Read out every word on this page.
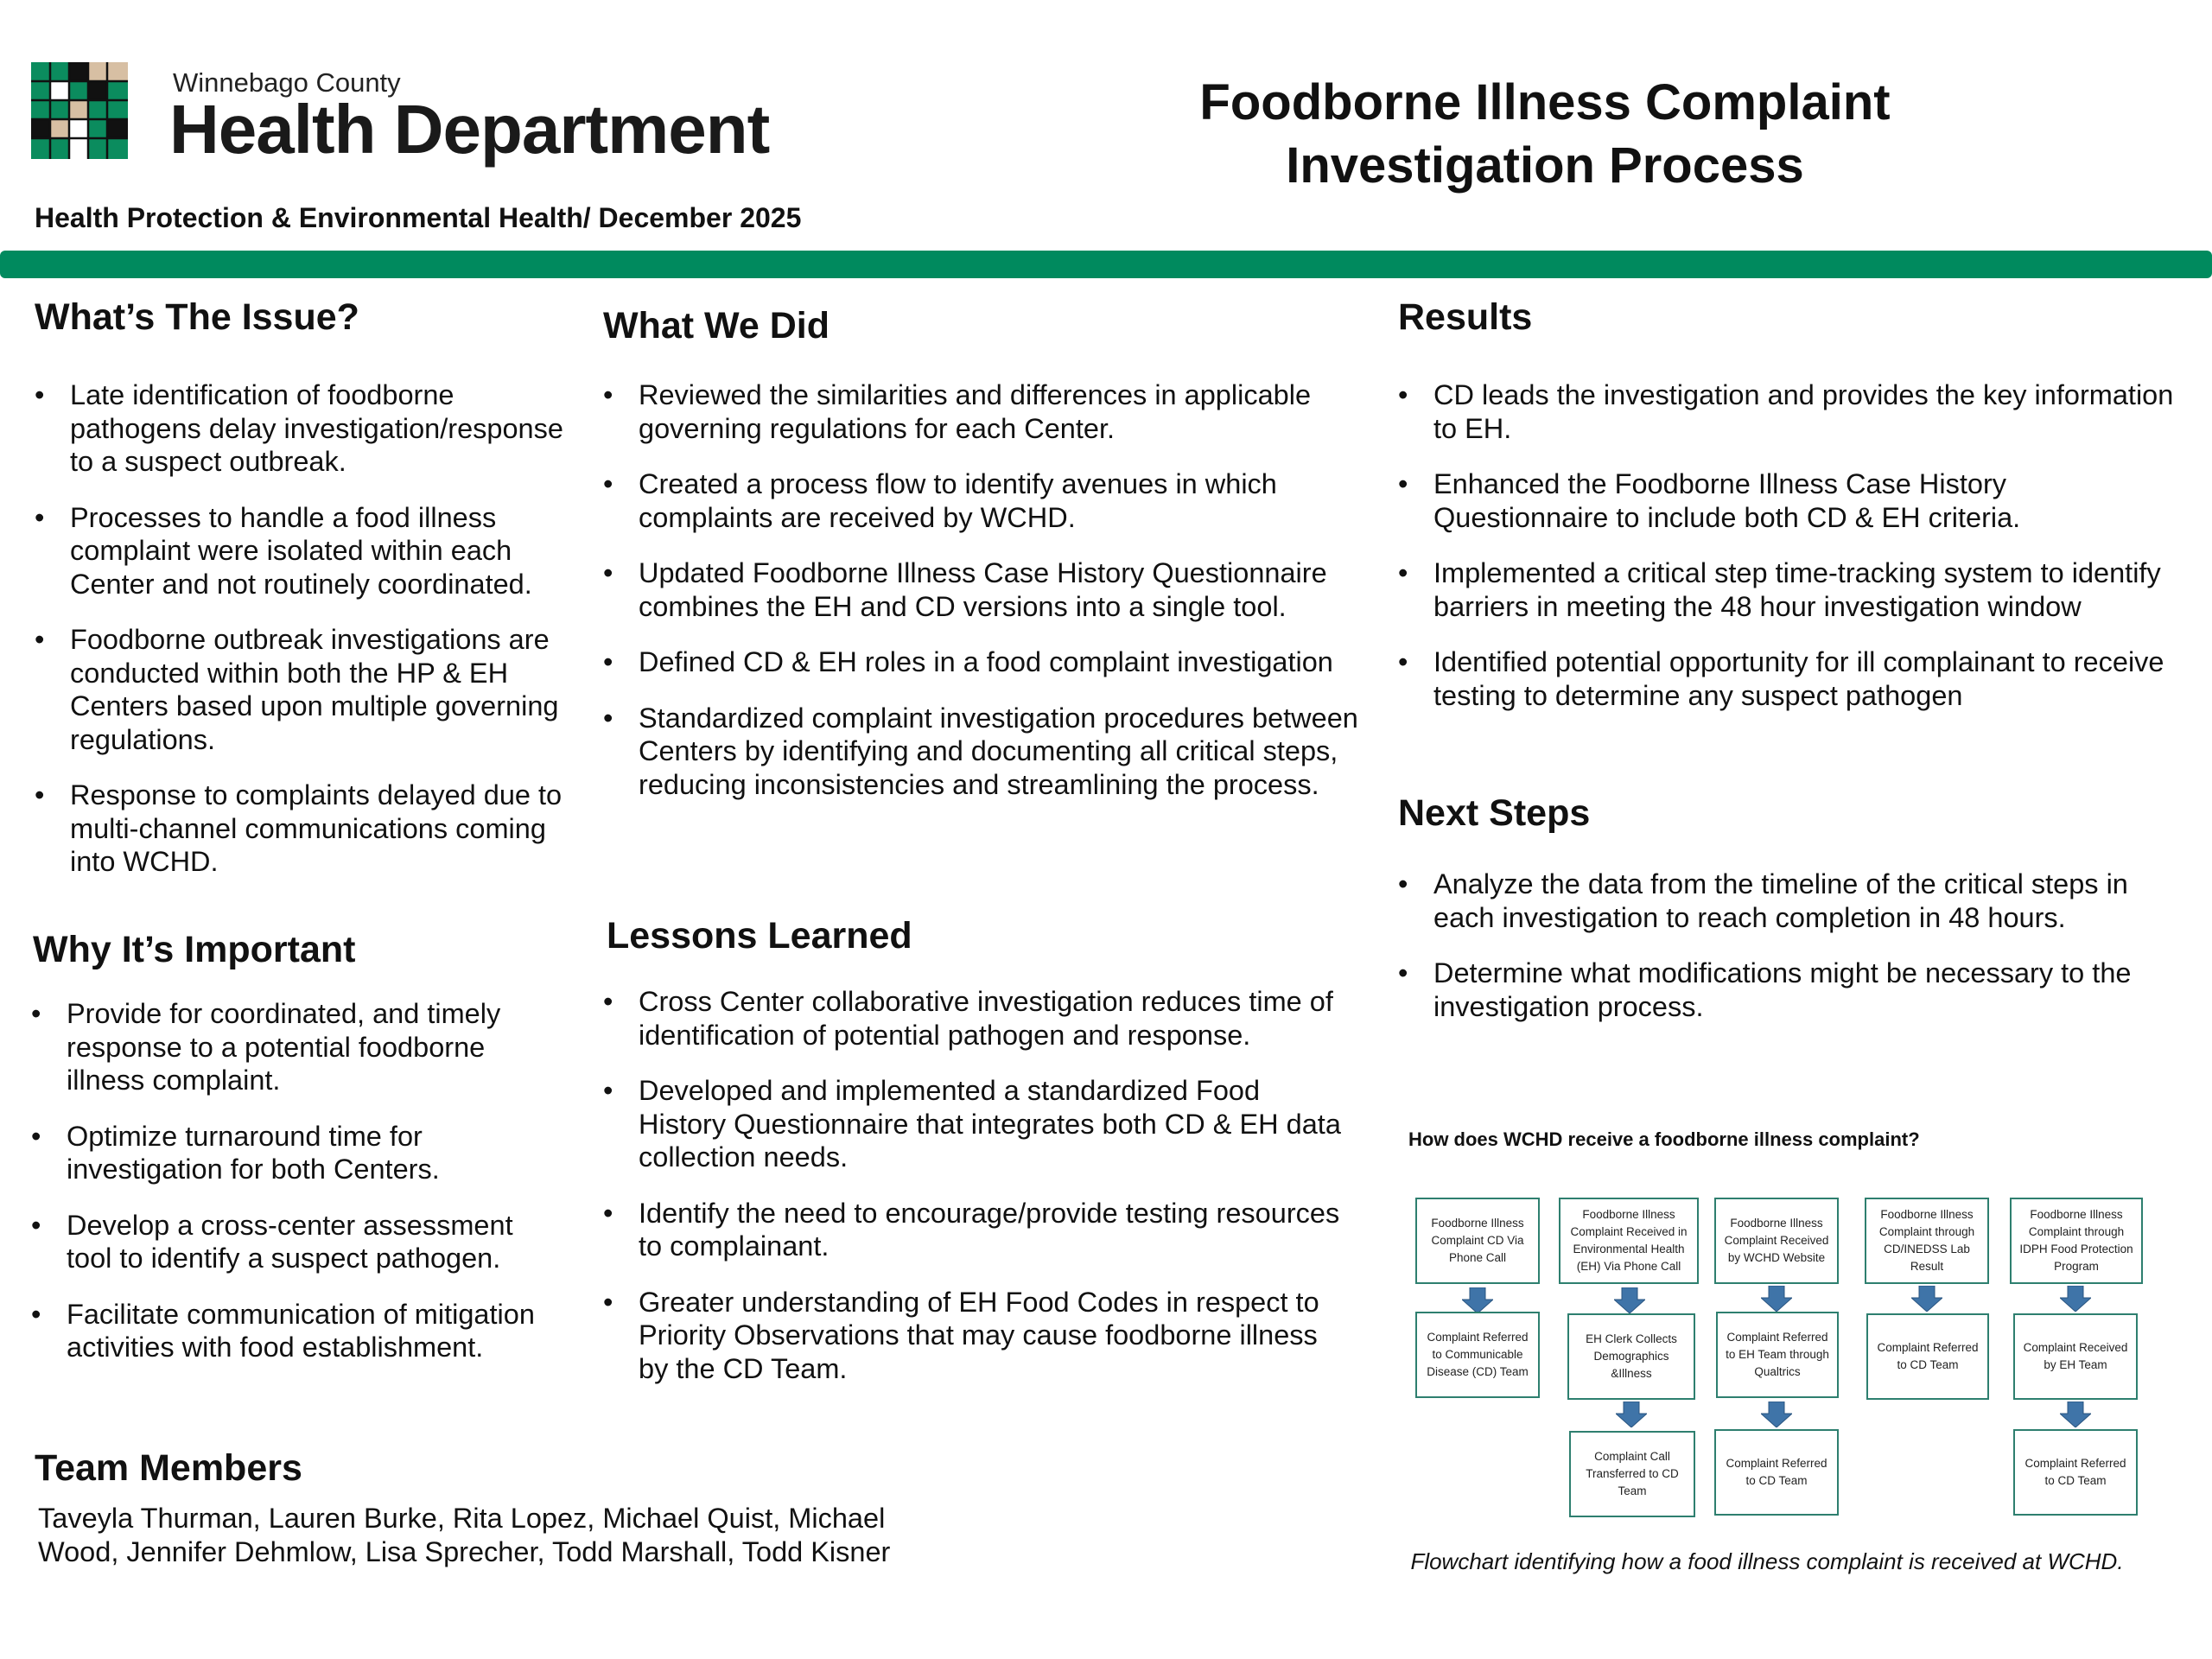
Winnebago County
Health Department
Health Protection & Environmental Health/ December 2025
Foodborne Illness Complaint
Investigation Process
What’s The Issue?
• Late identification of foodborne pathogens delay investigation/response to a suspect outbreak.
• Processes to handle a food illness complaint were isolated within each Center and not routinely coordinated.
• Foodborne outbreak investigations are conducted within both the HP & EH Centers based upon multiple governing regulations.
• Response to complaints delayed due to multi-channel communications coming into WCHD.
Why It’s Important
• Provide for coordinated, and timely response to a potential foodborne illness complaint.
• Optimize turnaround time for investigation for both Centers.
• Develop a cross-center assessment tool to identify a suspect pathogen.
• Facilitate communication of mitigation activities with food establishment.
Team Members
Taveyla Thurman, Lauren Burke, Rita Lopez, Michael Quist, Michael Wood, Jennifer Dehmlow, Lisa Sprecher, Todd Marshall, Todd Kisner
What We Did
• Reviewed the similarities and differences in applicable governing regulations for each Center.
• Created a process flow to identify avenues in which complaints are received by WCHD.
• Updated Foodborne Illness Case History Questionnaire combines the EH and CD versions into a single tool.
• Defined CD & EH roles in a food complaint investigation
• Standardized complaint investigation procedures between Centers by identifying and documenting all critical steps, reducing inconsistencies and streamlining the process.
Lessons Learned
• Cross Center collaborative investigation reduces time of identification of potential pathogen and response.
• Developed and implemented a standardized Food History Questionnaire that integrates both CD & EH data collection needs.
• Identify the need to encourage/provide testing resources to complainant.
• Greater understanding of EH Food Codes in respect to Priority Observations that may cause foodborne illness by the CD Team.
Results
• CD leads the investigation and provides the key information to EH.
• Enhanced the Foodborne Illness Case History Questionnaire to include both CD & EH criteria.
• Implemented a critical step time-tracking system to identify barriers in meeting the 48 hour investigation window
• Identified potential opportunity for ill complainant to receive testing to determine any suspect pathogen
Next Steps
• Analyze the data from the timeline of the critical steps in each investigation to reach completion in 48 hours.
• Determine what modifications might be necessary to the investigation process.
How does WCHD receive a foodborne illness complaint?
Foodborne Illness Complaint CD Via Phone Call
Complaint Referred to Communicable Disease (CD) Team
Foodborne Illness Complaint Received in Environmental Health (EH) Via Phone Call
EH Clerk Collects Demographics &Illness
Complaint Call Transferred to CD Team
Foodborne Illness Complaint Received by WCHD Website
Complaint Referred to EH Team through Qualtrics
Complaint Referred to CD Team
Foodborne Illness Complaint through CD/INEDSS Lab Result
Complaint Referred to CD Team
Foodborne Illness Complaint through IDPH Food Protection Program
Complaint Received by EH Team
Complaint Referred to CD Team
Flowchart identifying how a food illness complaint is received at WCHD.
